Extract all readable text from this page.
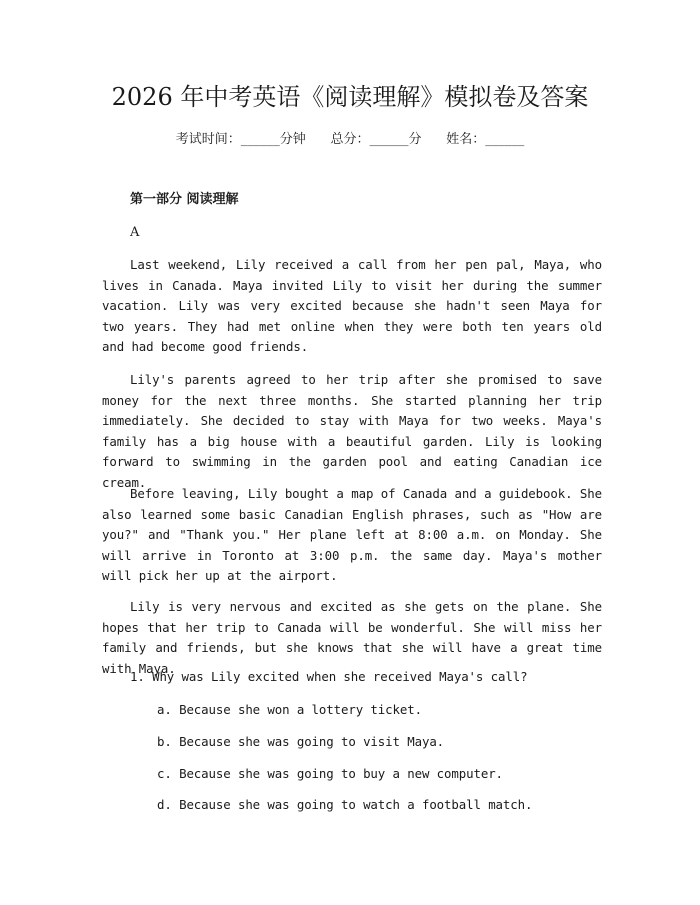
2026 年中考英语《阅读理解》模拟卷及答案
考试时间：______分钟      总分：______分      姓名：______
第一部分 阅读理解
A

Last weekend, Lily received a call from her pen pal, Maya, who lives in Canada. Maya invited Lily to visit her during the summer vacation. Lily was very excited because she hadn't seen Maya for two years. They had met online when they were both ten years old and had become good friends.

Lily's parents agreed to her trip after she promised to save money for the next three months. She started planning her trip immediately. She decided to stay with Maya for two weeks. Maya's family has a big house with a beautiful garden. Lily is looking forward to swimming in the garden pool and eating Canadian ice cream.

Before leaving, Lily bought a map of Canada and a guidebook. She also learned some basic Canadian English phrases, such as "How are you?" and "Thank you." Her plane left at 8:00 a.m. on Monday. She will arrive in Toronto at 3:00 p.m. the same day. Maya's mother will pick her up at the airport.

Lily is very nervous and excited as she gets on the plane. She hopes that her trip to Canada will be wonderful. She will miss her family and friends, but she knows that she will have a great time with Maya.

1. Why was Lily excited when she received Maya's call?
a. Because she won a lottery ticket.
b. Because she was going to visit Maya.
c. Because she was going to buy a new computer.
d. Because she was going to watch a football match.
